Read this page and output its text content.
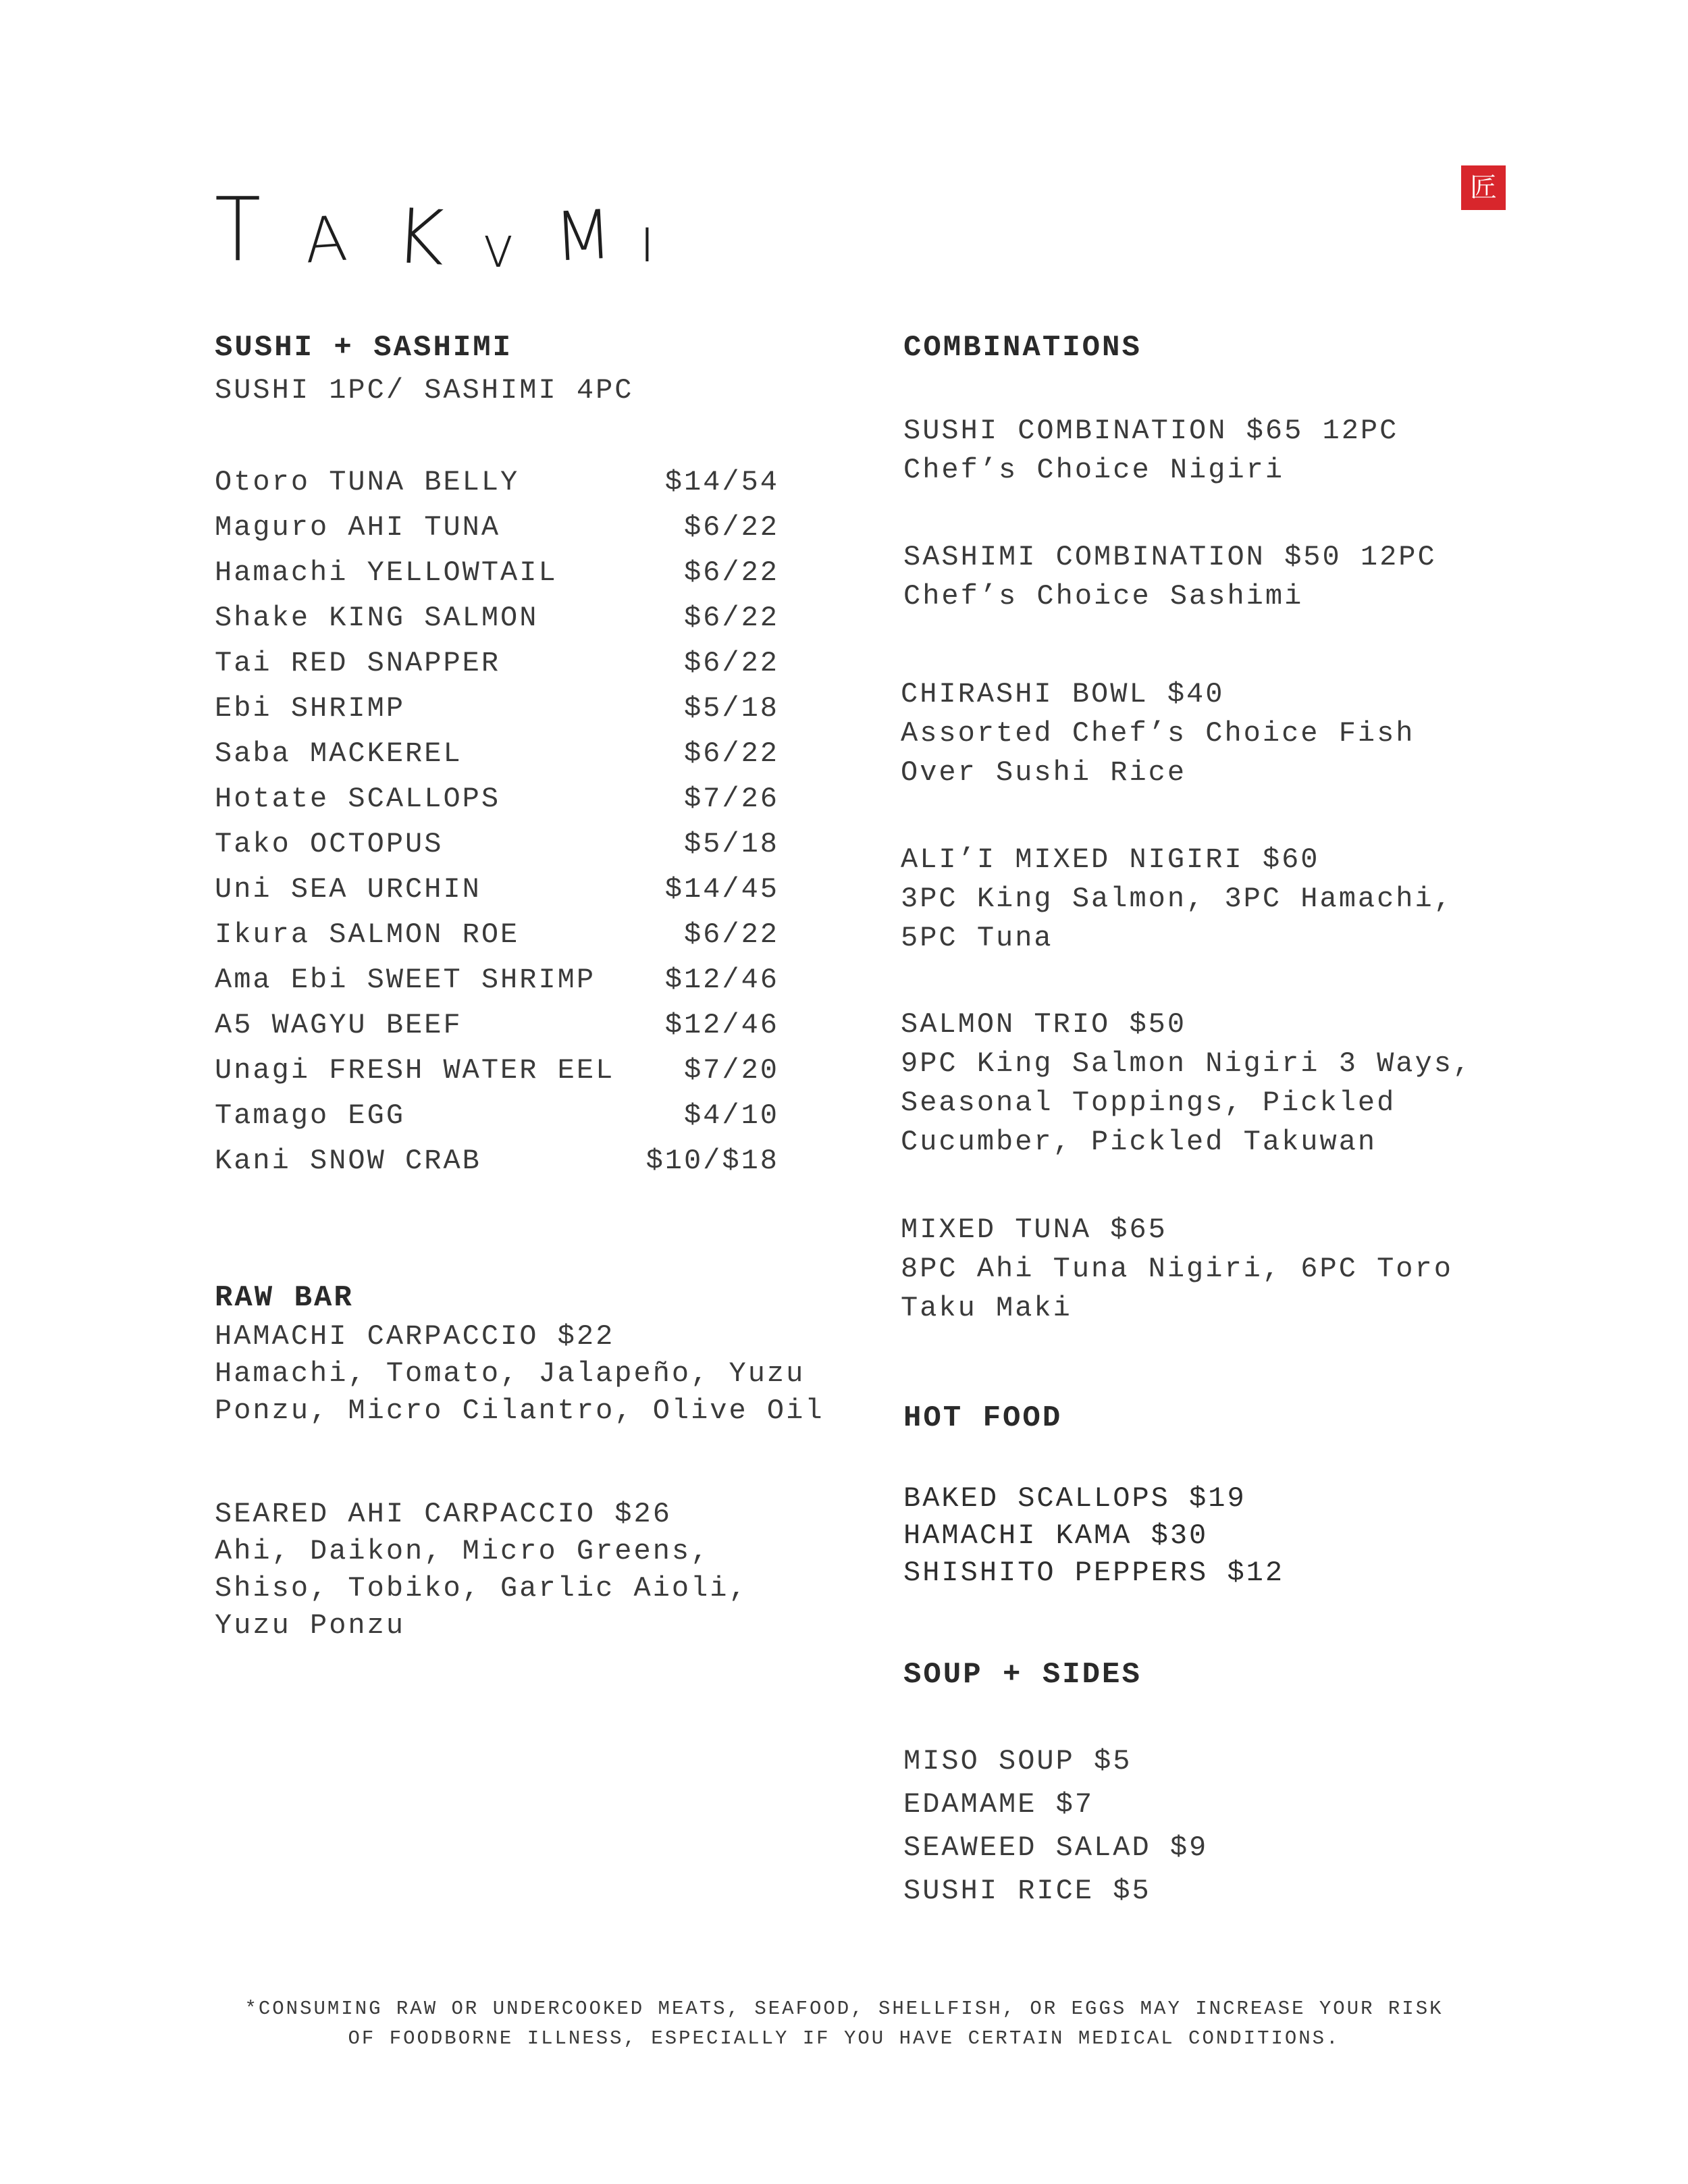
T A K v M ı
匠
SUSHI + SASHIMI
SUSHI 1PC/ SASHIMI 4PC
Otoro TUNA BELLY	$14/54
Maguro AHI TUNA	$6/22
Hamachi YELLOWTAIL	$6/22
Shake KING SALMON	$6/22
Tai RED SNAPPER	$6/22
Ebi SHRIMP	$5/18
Saba MACKEREL	$6/22
Hotate SCALLOPS	$7/26
Tako OCTOPUS	$5/18
Uni SEA URCHIN	$14/45
Ikura SALMON ROE	$6/22
Ama Ebi SWEET SHRIMP $12/46
A5 WAGYU BEEF	$12/46
Unagi FRESH WATER EEL $7/20
Tamago EGG	$4/10
Kani SNOW CRAB	$10/$18
RAW BAR
HAMACHI CARPACCIO $22
Hamachi, Tomato, Jalapeño, Yuzu
Ponzu, Micro Cilantro, Olive Oil
SEARED AHI CARPACCIO $26
Ahi, Daikon, Micro Greens,
Shiso, Tobiko, Garlic Aioli,
Yuzu Ponzu
COMBINATIONS
SUSHI COMBINATION $65 12PC
Chef’s Choice Nigiri
SASHIMI COMBINATION $50 12PC
Chef’s Choice Sashimi
CHIRASHI BOWL $40
Assorted Chef’s Choice Fish
Over Sushi Rice
ALI’I MIXED NIGIRI $60
3PC King Salmon, 3PC Hamachi,
5PC Tuna
SALMON TRIO $50
9PC King Salmon Nigiri 3 Ways,
Seasonal Toppings, Pickled
Cucumber, Pickled Takuwan
MIXED TUNA $65
8PC Ahi Tuna Nigiri, 6PC Toro
Taku Maki
HOT FOOD
BAKED SCALLOPS $19
HAMACHI KAMA $30
SHISHITO PEPPERS $12
SOUP + SIDES
MISO SOUP $5
EDAMAME $7
SEAWEED SALAD $9
SUSHI RICE $5
*CONSUMING RAW OR UNDERCOOKED MEATS, SEAFOOD, SHELLFISH, OR EGGS MAY INCREASE YOUR RISK
OF FOODBORNE ILLNESS, ESPECIALLY IF YOU HAVE CERTAIN MEDICAL CONDITIONS.
